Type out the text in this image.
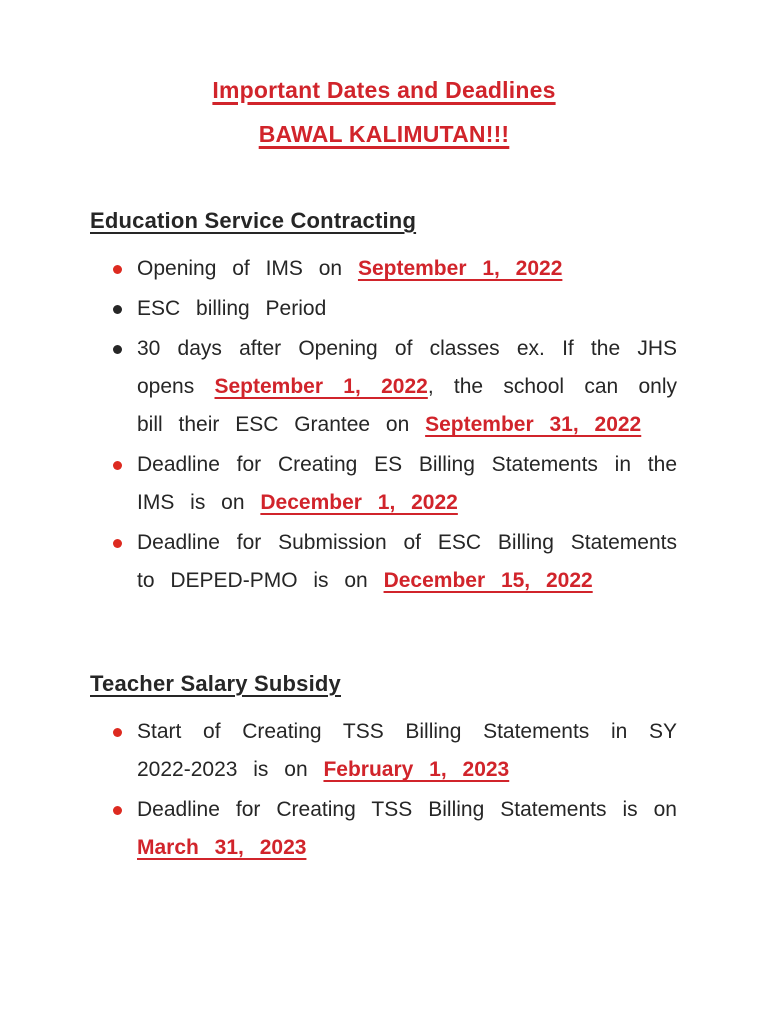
Important Dates and Deadlines
BAWAL KALIMUTAN!!!
Education Service Contracting
Opening of IMS on September 1, 2022
ESC billing Period
30 days after Opening of classes ex. If the JHS opens September 1, 2022, the school can only bill their ESC Grantee on September 31, 2022
Deadline for Creating ES Billing Statements in the IMS is on December 1, 2022
Deadline for Submission of ESC Billing Statements to DEPED-PMO is on December 15, 2022
Teacher Salary Subsidy
Start of Creating TSS Billing Statements in SY 2022-2023 is on February 1, 2023
Deadline for Creating TSS Billing Statements is on March 31, 2023
